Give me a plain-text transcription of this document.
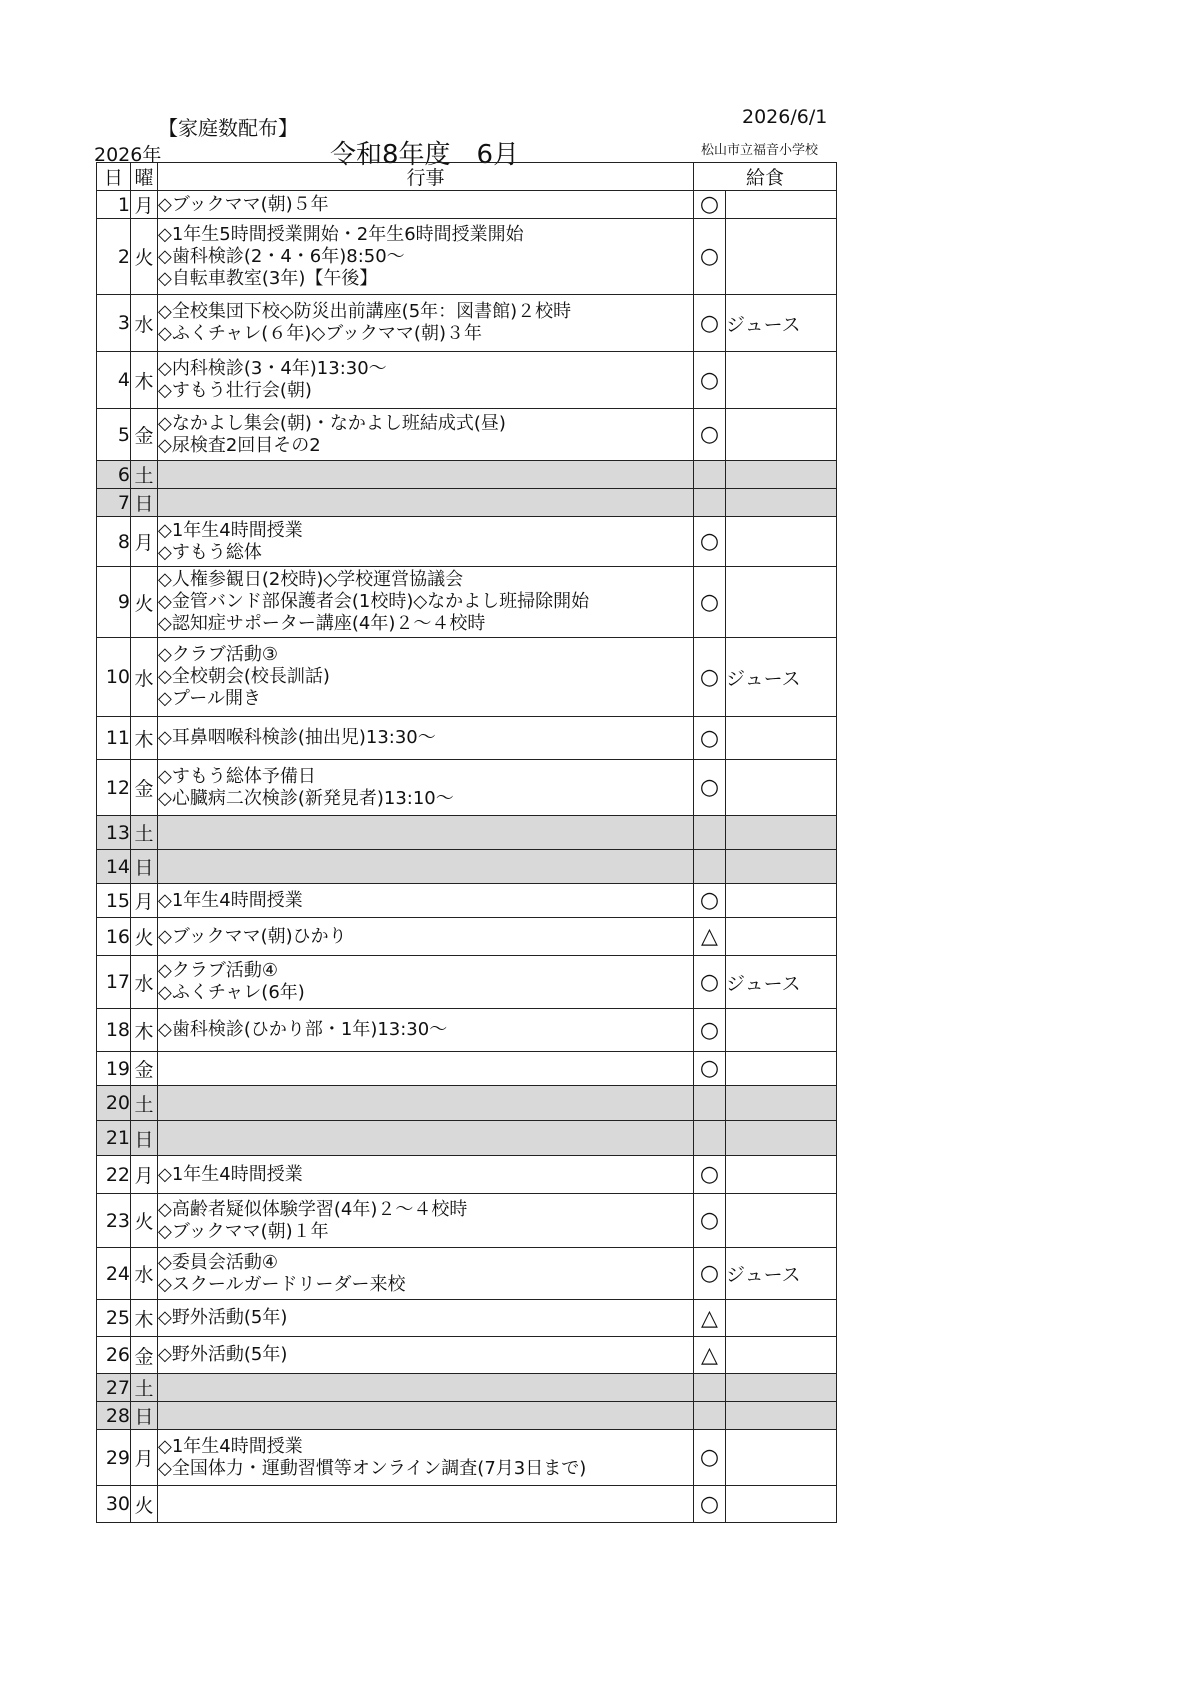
【家庭数配布】	2026/6/1
2026年	令和8年度　6月	松山市立福音小学校
日	曜	行事	給食	
1	月	◇ブックママ(朝)５年	○	
2	火	◇1年生5時間授業開始・2年生6時間授業開始
◇歯科検診(2・4・6年)8:50～
◇自転車教室(3年)【午後】	○	
3	水	◇全校集団下校◇防災出前講座(5年：図書館)２校時
◇ふくチャレ(６年)◇ブックママ(朝)３年	○	ジュース
4	木	◇内科検診(3・4年)13:30～
◇すもう壮行会(朝)	○	
5	金	◇なかよし集会(朝)・なかよし班結成式(昼)
◇尿検査2回目その2	○	
6	土			
7	日			
8	月	◇1年生4時間授業
◇すもう総体	○	
9	火	◇人権参観日(2校時)◇学校運営協議会
◇金管バンド部保護者会(1校時)◇なかよし班掃除開始
◇認知症サポーター講座(4年)２～４校時	○	
10	水	◇クラブ活動③
◇全校朝会(校長訓話)
◇プール開き	○	ジュース
11	木	◇耳鼻咽喉科検診(抽出児)13:30～	○	
12	金	◇すもう総体予備日
◇心臓病二次検診(新発見者)13:10～	○	
13	土			
14	日			
15	月	◇1年生4時間授業	○	
16	火	◇ブックママ(朝)ひかり	△	
17	水	◇クラブ活動④
◇ふくチャレ(6年)	○	ジュース
18	木	◇歯科検診(ひかり部・1年)13:30～	○	
19	金		○	
20	土			
21	日			
22	月	◇1年生4時間授業	○	
23	火	◇高齢者疑似体験学習(4年)２～４校時
◇ブックママ(朝)１年	○	
24	水	◇委員会活動④
◇スクールガードリーダー来校	○	ジュース
25	木	◇野外活動(5年)	△	
26	金	◇野外活動(5年)	△	
27	土			
28	日			
29	月	◇1年生4時間授業
◇全国体力・運動習慣等オンライン調査(7月3日まで)	○	
30	火		○	
